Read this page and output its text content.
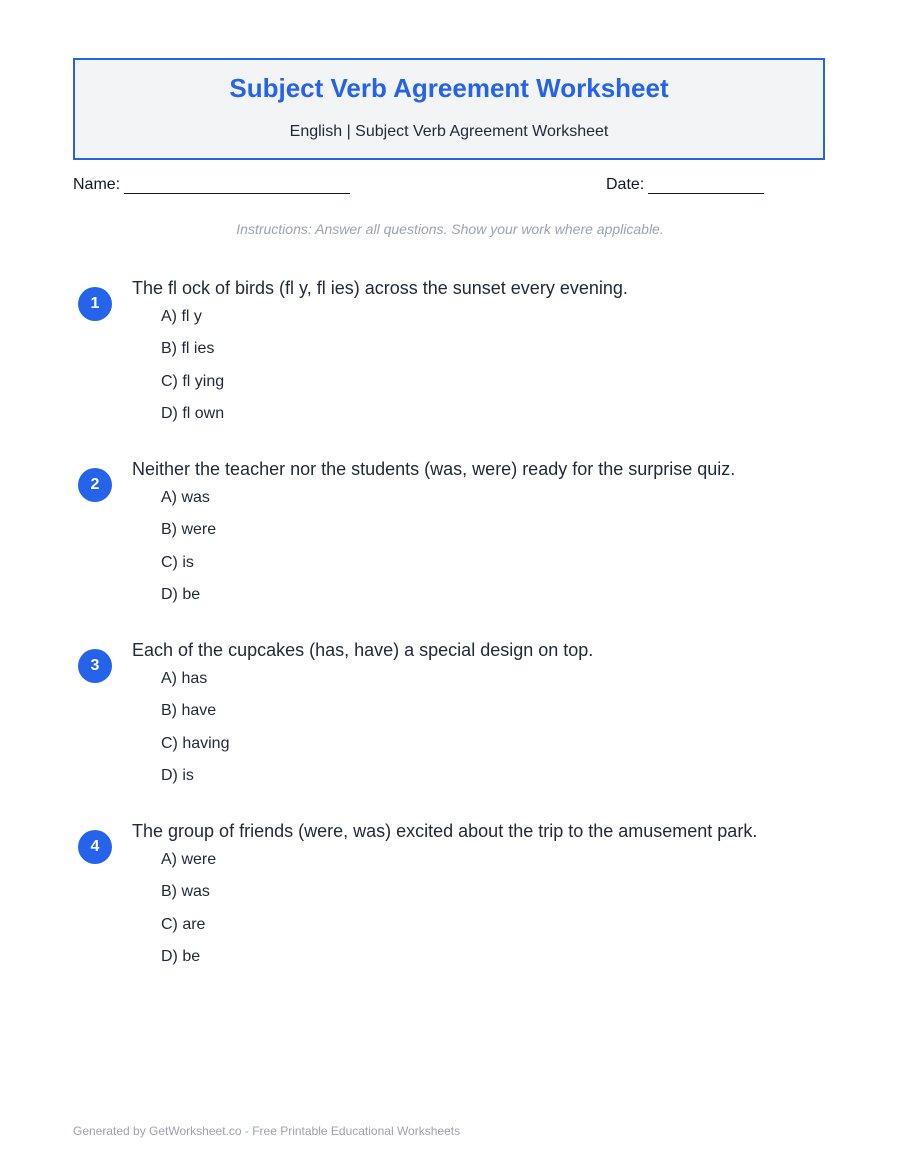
Subject Verb Agreement Worksheet
English | Subject Verb Agreement Worksheet
Name:	Date:
Instructions: Answer all questions. Show your work where applicable.
1
The fl ock of birds (fl y, fl ies) across the sunset every evening.
A) fl y
B) fl ies
C) fl ying
D) fl own
2
Neither the teacher nor the students (was, were) ready for the surprise quiz.
A) was
B) were
C) is
D) be
3
Each of the cupcakes (has, have) a special design on top.
A) has
B) have
C) having
D) is
4
The group of friends (were, was) excited about the trip to the amusement park.
A) were
B) was
C) are
D) be
Generated by GetWorksheet.co - Free Printable Educational Worksheets
